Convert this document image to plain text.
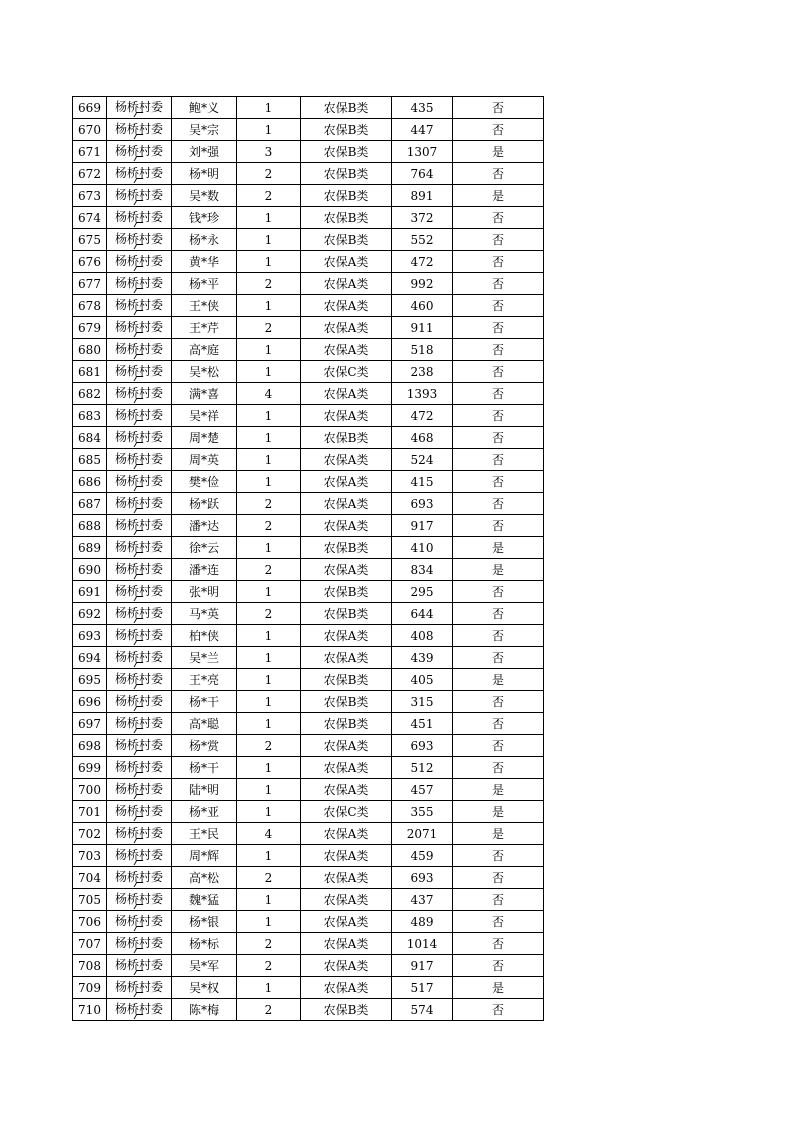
669	杨桥村委	鲍*义	1	农保B类	435	否
670	杨桥村委	吴*宗	1	农保B类	447	否
671	杨桥村委	刘*强	3	农保B类	1307	是
672	杨桥村委	杨*明	2	农保B类	764	否
673	杨桥村委	吴*数	2	农保B类	891	是
674	杨桥村委	钱*珍	1	农保B类	372	否
675	杨桥村委	杨*永	1	农保B类	552	否
676	杨桥村委	黄*华	1	农保A类	472	否
677	杨桥村委	杨*平	2	农保A类	992	否
678	杨桥村委	王*侠	1	农保A类	460	否
679	杨桥村委	王*芹	2	农保A类	911	否
680	杨桥村委	高*庭	1	农保A类	518	否
681	杨桥村委	吴*松	1	农保C类	238	否
682	杨桥村委	满*喜	4	农保A类	1393	否
683	杨桥村委	吴*祥	1	农保A类	472	否
684	杨桥村委	周*楚	1	农保B类	468	否
685	杨桥村委	周*英	1	农保A类	524	否
686	杨桥村委	樊*俭	1	农保A类	415	否
687	杨桥村委	杨*跃	2	农保A类	693	否
688	杨桥村委	潘*达	2	农保A类	917	否
689	杨桥村委	徐*云	1	农保B类	410	是
690	杨桥村委	潘*连	2	农保A类	834	是
691	杨桥村委	张*明	1	农保B类	295	否
692	杨桥村委	马*英	2	农保B类	644	否
693	杨桥村委	柏*侠	1	农保A类	408	否
694	杨桥村委	吴*兰	1	农保A类	439	否
695	杨桥村委	王*亮	1	农保B类	405	是
696	杨桥村委	杨*干	1	农保B类	315	否
697	杨桥村委	高*聪	1	农保B类	451	否
698	杨桥村委	杨*赏	2	农保A类	693	否
699	杨桥村委	杨*干	1	农保A类	512	否
700	杨桥村委	陆*明	1	农保A类	457	是
701	杨桥村委	杨*亚	1	农保C类	355	是
702	杨桥村委	王*民	4	农保A类	2071	是
703	杨桥村委	周*辉	1	农保A类	459	否
704	杨桥村委	高*松	2	农保A类	693	否
705	杨桥村委	魏*猛	1	农保A类	437	否
706	杨桥村委	杨*银	1	农保A类	489	否
707	杨桥村委	杨*标	2	农保A类	1014	否
708	杨桥村委	吴*军	2	农保A类	917	否
709	杨桥村委	吴*权	1	农保A类	517	是
710	杨桥村委	陈*梅	2	农保B类	574	否
